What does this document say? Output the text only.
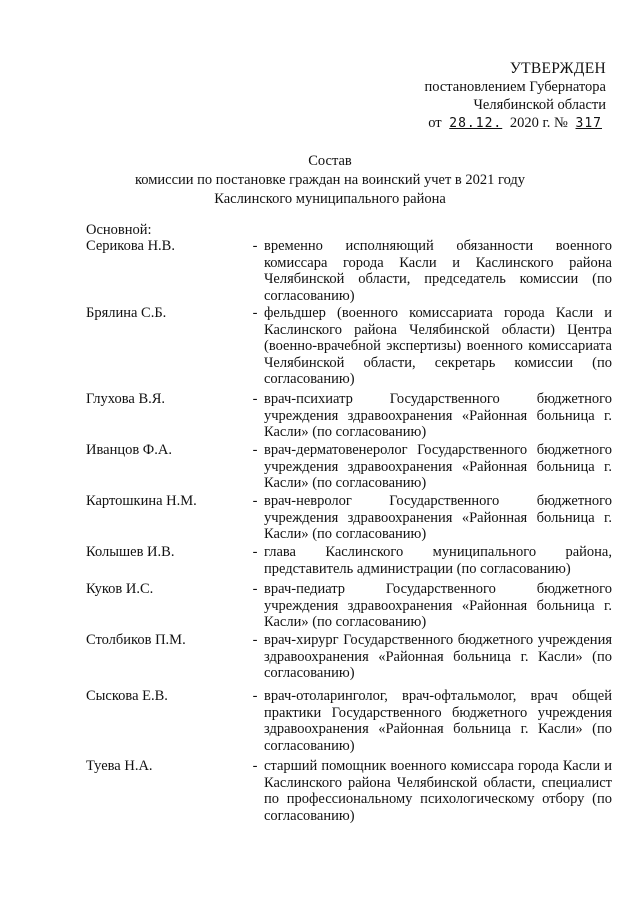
УТВЕРЖДЕН
постановлением Губернатора
Челябинской области
от 28.12. 2020 г. № 317
Состав
комиссии по постановке граждан на воинский учет в 2021 году
Каслинского муниципального района
Основной:
Серикова Н.В.	- временно исполняющий обязанности военного комиссара города Касли и Каслинского района Челябинской области, председатель комиссии (по согласованию)
Брялина С.Б.	- фельдшер (военного комиссариата города Касли и Каслинского района Челябинской области) Центра (военно-врачебной экспертизы) военного комиссариата Челябинской области, секретарь комиссии (по согласованию)
Глухова В.Я.	- врач-психиатр Государственного бюджетного учреждения здравоохранения «Районная больница г. Касли» (по согласованию)
Иванцов Ф.А.	- врач-дерматовенеролог Государственного бюджетного учреждения здравоохранения «Районная больница г. Касли» (по согласованию)
Картошкина Н.М.	- врач-невролог Государственного бюджетного учреждения здравоохранения «Районная больница г. Касли» (по согласованию)
Колышев И.В.	- глава Каслинского муниципального района, представитель администрации (по согласованию)
Куков И.С.	- врач-педиатр Государственного бюджетного учреждения здравоохранения «Районная больница г. Касли» (по согласованию)
Столбиков П.М.	- врач-хирург Государственного бюджетного учреждения здравоохранения «Районная больница г. Касли» (по согласованию)
Сыскова Е.В.	- врач-отоларинголог, врач-офтальмолог, врач общей практики Государственного бюджетного учреждения здравоохранения «Районная больница г. Касли» (по согласованию)
Туева Н.А.	- старший помощник военного комиссара города Касли и Каслинского района Челябинской области, специалист по профессиональному психологическому отбору (по согласованию)
